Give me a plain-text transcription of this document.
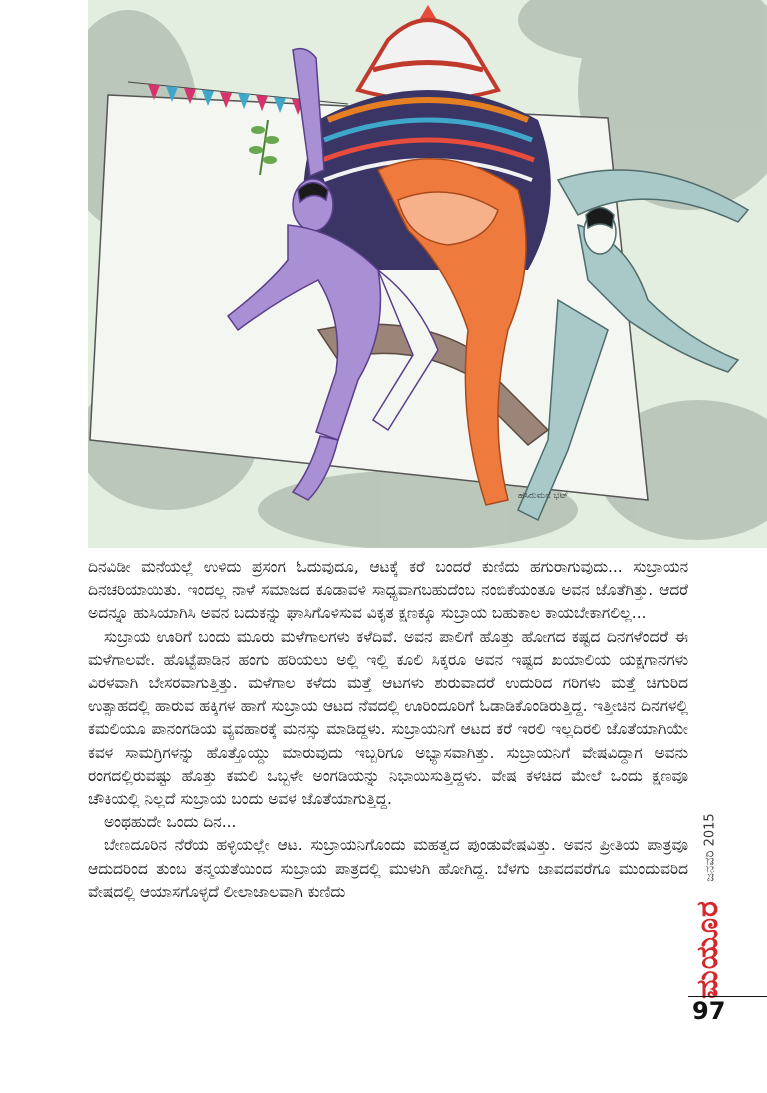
ಹಸಿರುಮನೆ ಭಟ್

ದಿನವಿಡೀ ಮನೆಯಲ್ಲೆ ಉಳಿದು ಪ್ರಸಂಗ ಓದುವುದೂ, ಆಟಕ್ಕೆ ಕರೆ ಬಂದರೆ ಕುಣಿದು ಹಗುರಾಗುವುದು... ಸುಬ್ರಾಯನ ದಿನಚರಿಯಾಯಿತು. ಇಂದಲ್ಲ ನಾಳೆ ಸಮಾಜದ ಕೂಡಾವಳಿ ಸಾಧ್ಯವಾಗಬಹುದೆಂಬ ನಂಬಿಕೆಯಂತೂ ಅವನ ಜೊತೆಗಿತ್ತು. ಆದರೆ ಅದನ್ನೂ ಹುಸಿಯಾಗಿಸಿ ಅವನ ಬದುಕನ್ನು ಘಾಸಿಗೊಳಿಸುವ ವಿಕೃತ ಕ್ಷಣಕ್ಕೂ ಸುಬ್ರಾಯ ಬಹುಕಾಲ ಕಾಯಬೇಕಾಗಲಿಲ್ಲ...

ಸುಬ್ರಾಯ ಊರಿಗೆ ಬಂದು ಮೂರು ಮಳೆಗಾಲಗಳು ಕಳೆದಿವೆ. ಅವನ ಪಾಲಿಗೆ ಹೊತ್ತು ಹೋಗದ ಕಷ್ಟದ ದಿನಗಳೆಂದರೆ ಈ ಮಳೆಗಾಲವೇ. ಹೊಟ್ಟೆಪಾಡಿನ ಹಂಗು ಹರಿಯಲು ಅಲ್ಲಿ ಇಲ್ಲಿ ಕೂಲಿ ಸಿಕ್ಕರೂ ಅವನ ಇಷ್ಟದ ಖಯಾಲಿಯ ಯಕ್ಷಗಾನಗಳು ವಿರಳವಾಗಿ ಬೇಸರವಾಗುತ್ತಿತ್ತು. ಮಳೆಗಾಲ ಕಳೆದು ಮತ್ತೆ ಆಟಗಳು ಶುರುವಾದರೆ ಉದುರಿದ ಗರಿಗಳು ಮತ್ತೆ ಚಿಗುರಿದ ಉತ್ಸಾಹದಲ್ಲಿ ಹಾರುವ ಹಕ್ಕಿಗಳ ಹಾಗೆ ಸುಬ್ರಾಯ ಆಟದ ನೆವದಲ್ಲಿ ಊರಿಂದೂರಿಗೆ ಓಡಾಡಿಕೊಂಡಿರುತ್ತಿದ್ದ. ಇತ್ತೀಚಿನ ದಿನಗಳಲ್ಲಿ ಕಮಲಿಯೂ ಪಾನಂಗಡಿಯ ವ್ಯವಹಾರಕ್ಕೆ ಮನಸ್ಸು ಮಾಡಿದ್ದಳು. ಸುಬ್ರಾಯನಿಗೆ ಆಟದ ಕರೆ ಇರಲಿ ಇಲ್ಲದಿರಲಿ ಜೊತೆಯಾಗಿಯೇ ಕವಳ ಸಾಮಗ್ರಿಗಳನ್ನು ಹೊತ್ತೊಯ್ದು ಮಾರುವುದು ಇಬ್ಬರಿಗೂ ಅಭ್ಯಾಸವಾಗಿತ್ತು. ಸುಬ್ರಾಯನಿಗೆ ವೇಷವಿದ್ದಾಗ ಅವನು ರಂಗದಲ್ಲಿರುವಷ್ಟು ಹೊತ್ತು ಕಮಲಿ ಒಬ್ಬಳೇ ಅಂಗಡಿಯನ್ನು ನಿಭಾಯಿಸುತ್ತಿದ್ದಳು. ವೇಷ ಕಳಚಿದ ಮೇಲೆ ಒಂದು ಕ್ಷಣವೂ ಚೌಕಿಯಲ್ಲಿ ನಿಲ್ಲದೆ ಸುಬ್ರಾಯ ಬಂದು ಅವಳ ಜೊತೆಯಾಗುತ್ತಿದ್ದ.

ಅಂಥಹುದೇ ಒಂದು ದಿನ...

ಬೇಣದೂರಿನ ನೆರೆಯ ಹಳ್ಳಿಯಲ್ಲೇ ಆಟ. ಸುಬ್ರಾಯನಿಗೊಂದು ಮಹತ್ವದ ಪುಂಡುವೇಷವಿತ್ತು. ಅವನ ಪ್ರೀತಿಯ ಪಾತ್ರವೂ ಆದುದರಿಂದ ತುಂಬ ತನ್ಮಯತೆಯಿಂದ ಸುಬ್ರಾಯ ಪಾತ್ರದಲ್ಲಿ ಮುಳುಗಿ ಹೋಗಿದ್ದ. ಬೆಳಗು ಜಾವದವರೆಗೂ ಮುಂದುವರಿದ ವೇಷದಲ್ಲಿ ಆಯಾಸಗೊಳ್ಳದೆ ಲೀಲಾಜಾಲವಾಗಿ ಕುಣಿದು

ಜನವರಿ 2015
ಮಯೂರ
97
